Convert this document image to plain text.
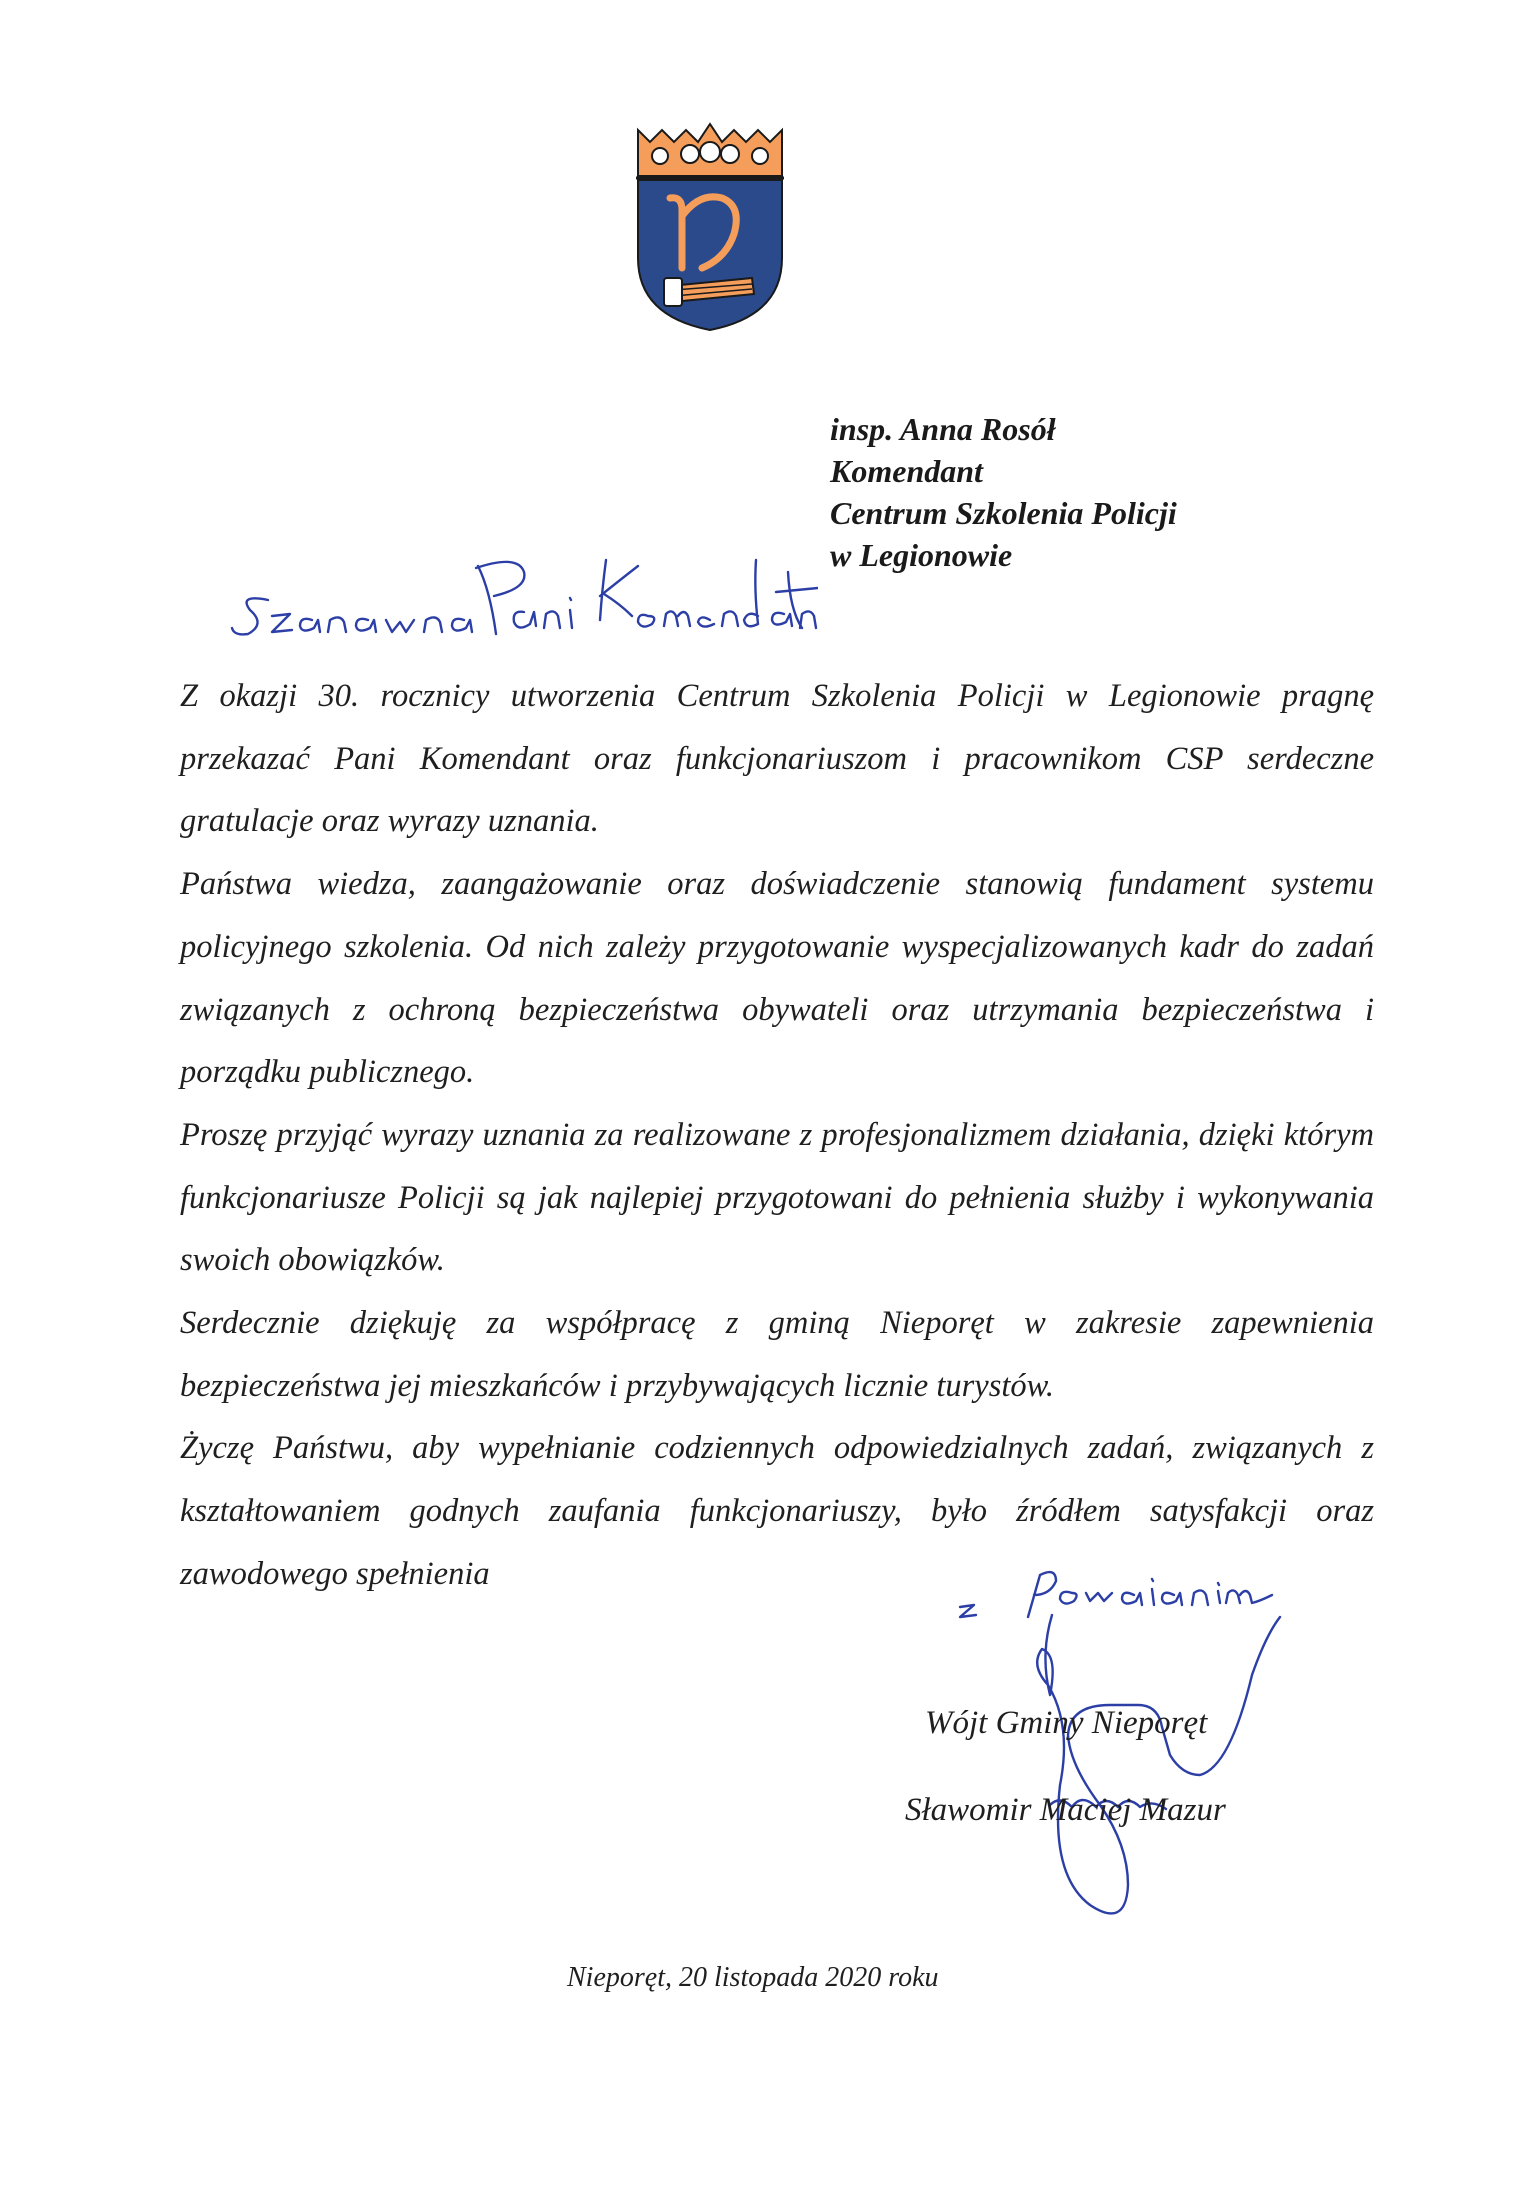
insp. Anna Rosół
Komendant
Centrum Szkolenia Policji
w Legionowie

Z okazji 30. rocznicy utworzenia Centrum Szkolenia Policji w Legionowie pragnę przekazać Pani Komendant oraz funkcjonariuszom i pracownikom CSP serdeczne gratulacje oraz wyrazy uznania.

Państwa wiedza, zaangażowanie oraz doświadczenie stanowią fundament systemu policyjnego szkolenia. Od nich zależy przygotowanie wyspecjalizowanych kadr do zadań związanych z ochroną bezpieczeństwa obywateli oraz utrzymania bezpieczeństwa i porządku publicznego.

Proszę przyjąć wyrazy uznania za realizowane z profesjonalizmem działania, dzięki którym funkcjonariusze Policji są jak najlepiej przygotowani do pełnienia służby i wykonywania swoich obowiązków.

Serdecznie dziękuję za współpracę z gminą Nieporęt w zakresie zapewnienia bezpieczeństwa jej mieszkańców i przybywających licznie turystów.

Życzę Państwu, aby wypełnianie codziennych odpowiedzialnych zadań, związanych z kształtowaniem godnych zaufania funkcjonariuszy, było źródłem satysfakcji oraz zawodowego spełnienia

Wójt Gminy Nieporęt
Sławomir Maciej Mazur
Nieporęt, 20 listopada 2020 roku
